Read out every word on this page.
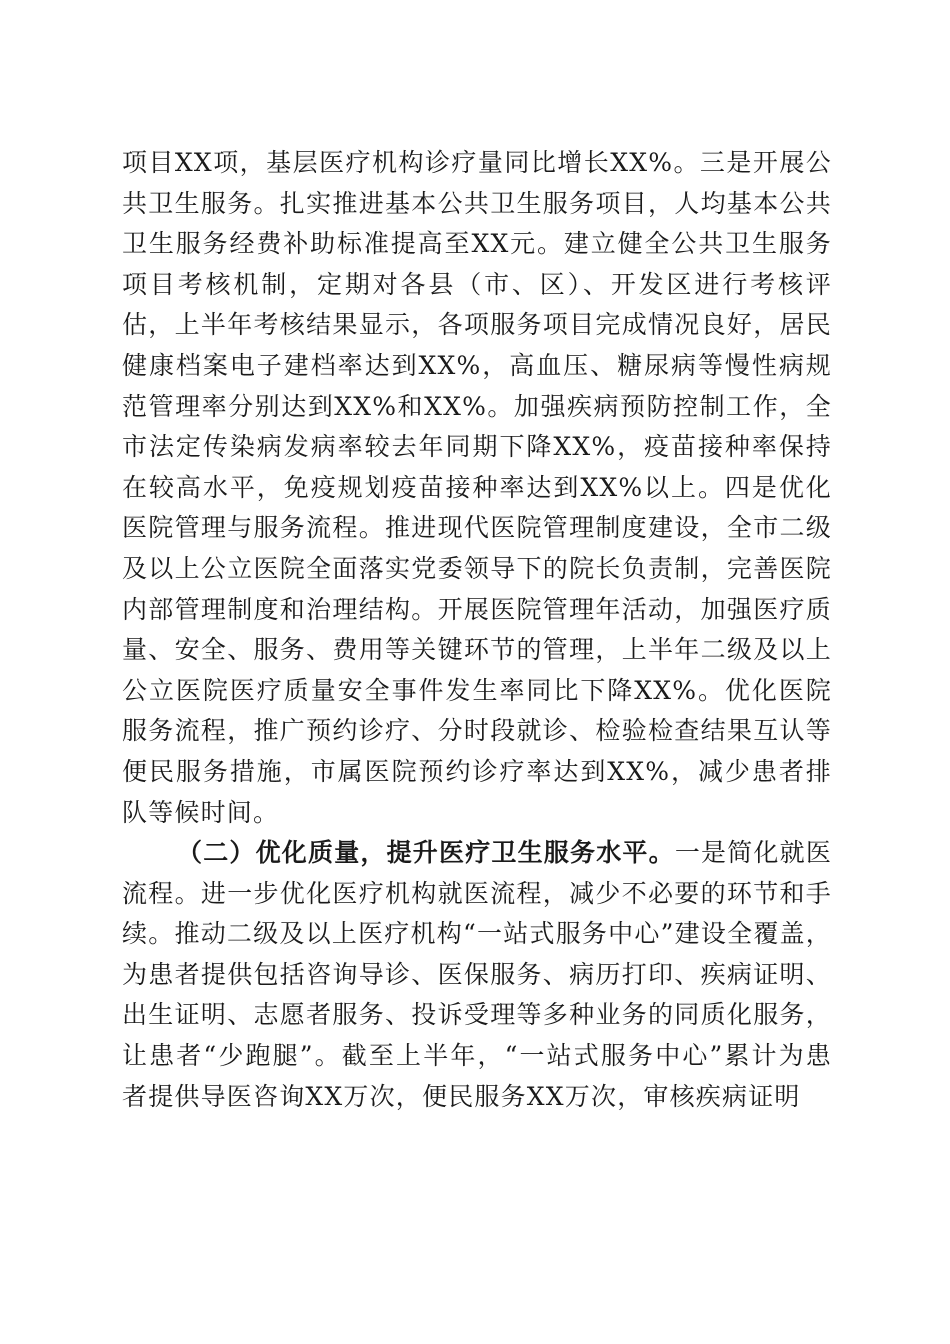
项目XX项，基层医疗机构诊疗量同比增长XX%。三是开展公共卫生服务。扎实推进基本公共卫生服务项目，人均基本公共卫生服务经费补助标准提高至XX元。建立健全公共卫生服务项目考核机制，定期对各县（市、区）、开发区进行考核评估，上半年考核结果显示，各项服务项目完成情况良好，居民健康档案电子建档率达到XX%，高血压、糖尿病等慢性病规范管理率分别达到XX%和XX%。加强疾病预防控制工作，全市法定传染病发病率较去年同期下降XX%，疫苗接种率保持在较高水平，免疫规划疫苗接种率达到XX%以上。四是优化医院管理与服务流程。推进现代医院管理制度建设，全市二级及以上公立医院全面落实党委领导下的院长负责制，完善医院内部管理制度和治理结构。开展医院管理年活动，加强医疗质量、安全、服务、费用等关键环节的管理，上半年二级及以上公立医院医疗质量安全事件发生率同比下降XX%。优化医院服务流程，推广预约诊疗、分时段就诊、检验检查结果互认等便民服务措施，市属医院预约诊疗率达到XX%，减少患者排队等候时间。

（二）优化质量，提升医疗卫生服务水平。一是简化就医流程。进一步优化医疗机构就医流程，减少不必要的环节和手续。推动二级及以上医疗机构“一站式服务中心”建设全覆盖，为患者提供包括咨询导诊、医保服务、病历打印、疾病证明、出生证明、志愿者服务、投诉受理等多种业务的同质化服务，让患者“少跑腿”。截至上半年，“一站式服务中心”累计为患者提供导医咨询XX万次，便民服务XX万次，审核疾病证明
